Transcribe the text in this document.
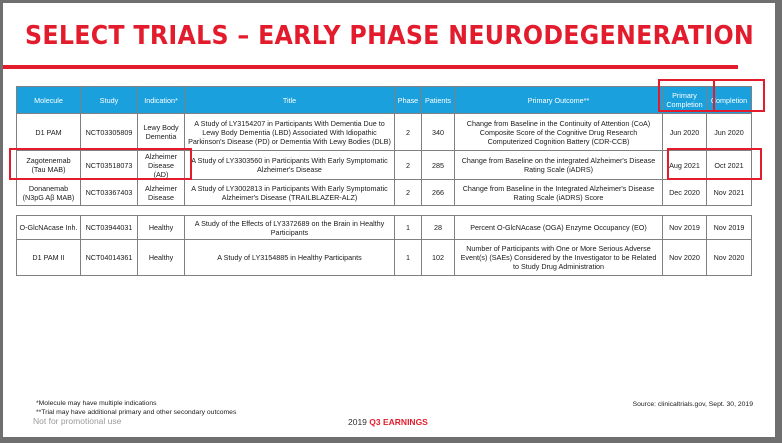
SELECT TRIALS – EARLY PHASE NEURODEGENERATION
Molecule	Study	Indication*	Title	Phase	Patients	Primary Outcome**	Primary Completion	Completion
D1 PAM	NCT03305809	Lewy Body Dementia	A Study of LY3154207 in Participants With Dementia Due to Lewy Body Dementia (LBD) Associated With Idiopathic Parkinson's Disease (PD) or Dementia With Lewy Bodies (DLB)	2	340	Change from Baseline in the Continuity of Attention (CoA) Composite Score of the Cognitive Drug Research Computerized Cognition Battery (CDR-CCB)	Jun 2020	Jun 2020
Zagotenemab (Tau MAB)	NCT03518073	Alzheimer Disease (AD)	A Study of LY3303560 in Participants With Early Symptomatic Alzheimer's Disease	2	285	Change from Baseline on the integrated Alzheimer's Disease Rating Scale (iADRS)	Aug 2021	Oct 2021
Donanemab (N3pG Aβ MAB)	NCT03367403	Alzheimer Disease	A Study of LY3002813 in Participants With Early Symptomatic Alzheimer's Disease (TRAILBLAZER-ALZ)	2	266	Change from Baseline in the Integrated Alzheimer's Disease Rating Scale (iADRS) Score	Dec 2020	Nov 2021

O-GlcNAcase Inh.	NCT03944031	Healthy	A Study of the Effects of LY3372689 on the Brain in Healthy Participants	1	28	Percent O-GlcNAcase (OGA) Enzyme Occupancy (EO)	Nov 2019	Nov 2019
D1 PAM II	NCT04014361	Healthy	A Study of LY3154885 in Healthy Participants	1	102	Number of Participants with One or More Serious Adverse Event(s) (SAEs) Considered by the Investigator to be Related to Study Drug Administration	Nov 2020	Nov 2020
*Molecule may have multiple indications
**Trial may have additional primary and other secondary outcomes
Not for promotional use	2019 Q3 EARNINGS
Source: clinicaltrials.gov, Sept. 30, 2019
